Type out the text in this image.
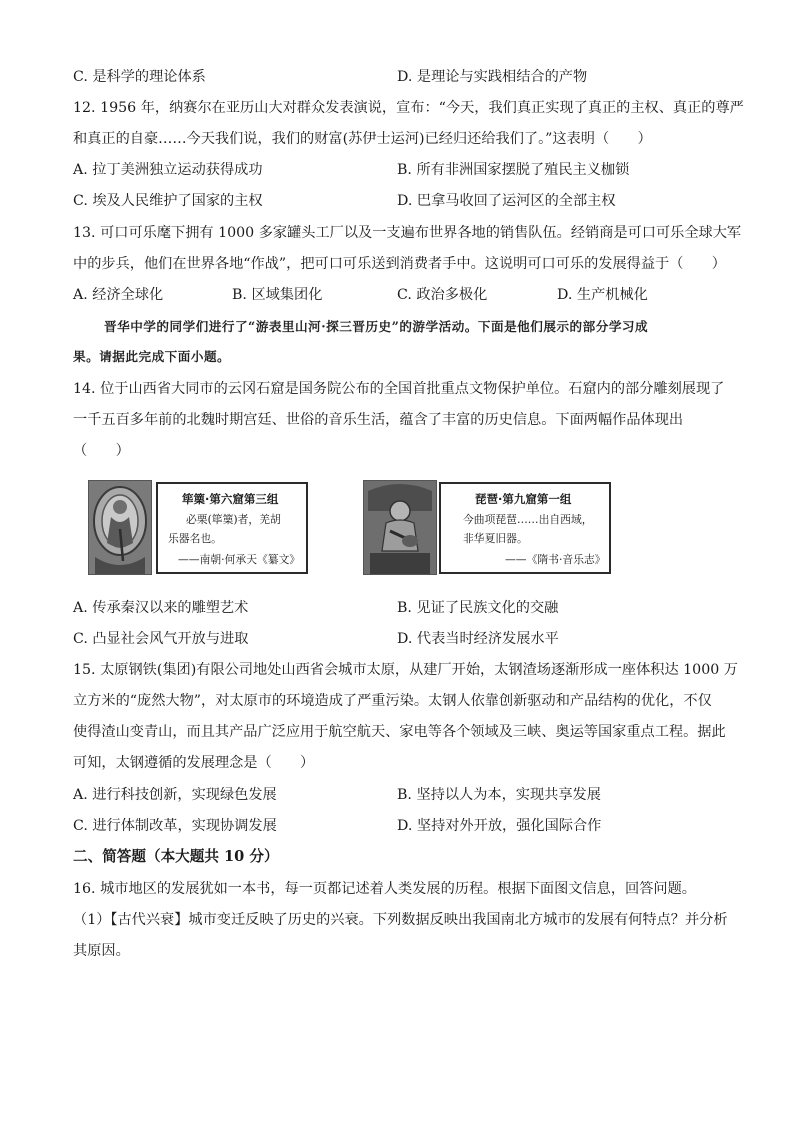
C. 是科学的理论体系	D. 是理论与实践相结合的产物
12. 1956 年，纳赛尔在亚历山大对群众发表演说，宣布：“今天，我们真正实现了真正的主权、真正的尊严
和真正的自豪……今天我们说，我们的财富(苏伊士运河)已经归还给我们了。”这表明（　　）
A. 拉丁美洲独立运动获得成功	B. 所有非洲国家摆脱了殖民主义枷锁
C. 埃及人民维护了国家的主权	D. 巴拿马收回了运河区的全部主权
13. 可口可乐麾下拥有 1000 多家罐头工厂以及一支遍布世界各地的销售队伍。经销商是可口可乐全球大军
中的步兵，他们在世界各地“作战”，把可口可乐送到消费者手中。这说明可口可乐的发展得益于（　　）
A. 经济全球化	B. 区域集团化	C. 政治多极化	D. 生产机械化
晋华中学的同学们进行了“游表里山河·探三晋历史”的游学活动。下面是他们展示的部分学习成
果。请据此完成下面小题。
14. 位于山西省大同市的云冈石窟是国务院公布的全国首批重点文物保护单位。石窟内的部分雕刻展现了
一千五百多年前的北魏时期宫廷、世俗的音乐生活，蕴含了丰富的历史信息。下面两幅作品体现出
（　　）
筚篥·第六窟第三组
必栗(筚篥)者，羌胡
乐器名也。
——南朝·何承天《纂文》
琵琶·第九窟第一组
今曲项琵琶……出自西域，
非华夏旧器。
——《隋书·音乐志》
A. 传承秦汉以来的雕塑艺术	B. 见证了民族文化的交融
C. 凸显社会风气开放与进取	D. 代表当时经济发展水平
15. 太原钢铁(集团)有限公司地处山西省会城市太原，从建厂开始，太钢渣场逐渐形成一座体积达 1000 万
立方米的“庞然大物”，对太原市的环境造成了严重污染。太钢人依靠创新驱动和产品结构的优化，不仅
使得渣山变青山，而且其产品广泛应用于航空航天、家电等各个领域及三峡、奥运等国家重点工程。据此
可知，太钢遵循的发展理念是（　　）
A. 进行科技创新，实现绿色发展	B. 坚持以人为本，实现共享发展
C. 进行体制改革，实现协调发展	D. 坚持对外开放，强化国际合作
二、简答题（本大题共 10 分）
16. 城市地区的发展犹如一本书，每一页都记述着人类发展的历程。根据下面图文信息，回答问题。
（1）【古代兴衰】城市变迁反映了历史的兴衰。下列数据反映出我国南北方城市的发展有何特点？并分析
其原因。
